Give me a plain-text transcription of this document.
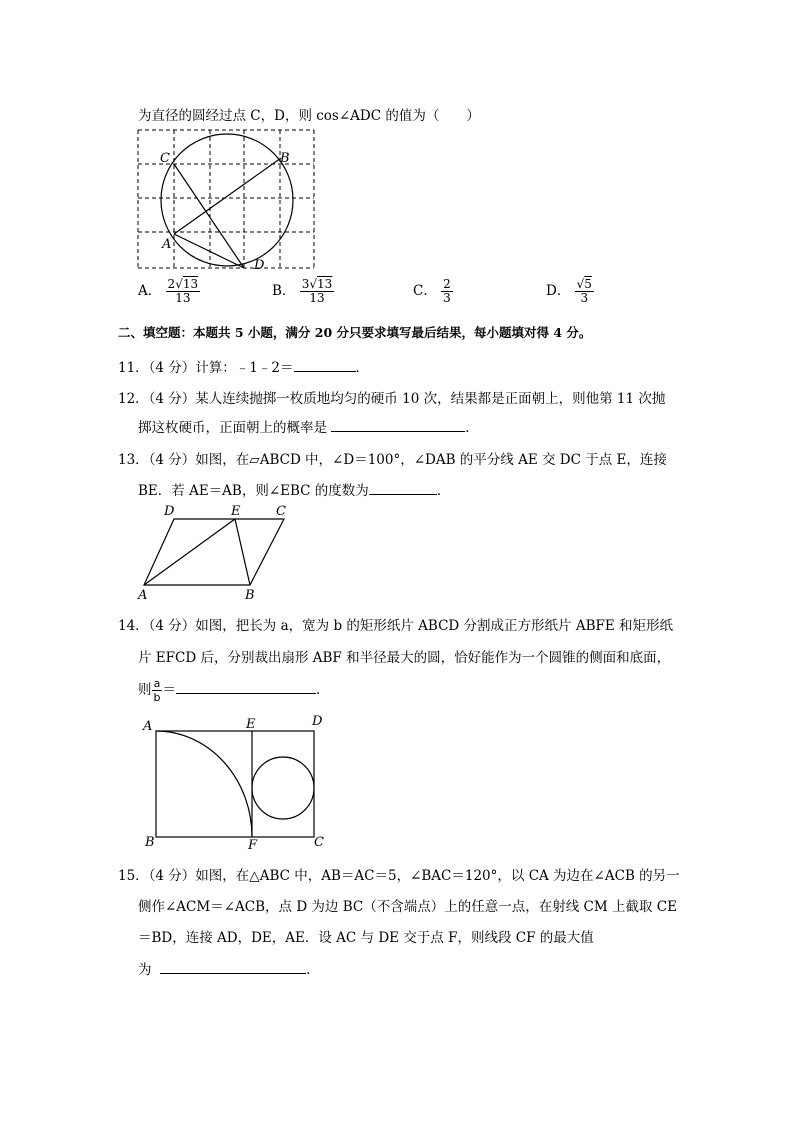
为直径的圆经过点 C，D，则 cos∠ADC 的值为（　　）
C	B
A
D
A． $\frac{2√13}{13}$	B． $\frac{3√13}{13}$	C． $\frac{2}{3}$	D． $\frac{√5}{3}$
二、填空题：本题共 5 小题，满分 20 分只要求填写最后结果，每小题填对得 4 分。
11．（4 分）计算：﹣1﹣2＝	．
12．（4 分）某人连续抛掷一枚质地均匀的硬币 10 次，结果都是正面朝上，则他第 11 次抛
掷这枚硬币，正面朝上的概率是	．
13．（4 分）如图，在▱ABCD 中，∠D＝100°，∠DAB 的平分线 AE 交 DC 于点 E，连接
BE．若 AE＝AB，则∠EBC 的度数为	．
D	E	C
A	B
14．（4 分）如图，把长为 a，宽为 b 的矩形纸片 ABCD 分割成正方形纸片 ABFE 和矩形纸
片 EFCD 后，分别裁出扇形 ABF 和半径最大的圆，恰好能作为一个圆锥的侧面和底面，
则 $\frac{a}{b}$ ＝	．
A	E	D
B	F	C
15．（4 分）如图，在△ABC 中，AB＝AC＝5，∠BAC＝120°，以 CA 为边在∠ACB 的另一
侧作∠ACM＝∠ACB，点 D 为边 BC（不含端点）上的任意一点，在射线 CM 上截取 CE
＝BD，连接 AD，DE，AE．设 AC 与 DE 交于点 F，则线段 CF 的最大值
为	．
